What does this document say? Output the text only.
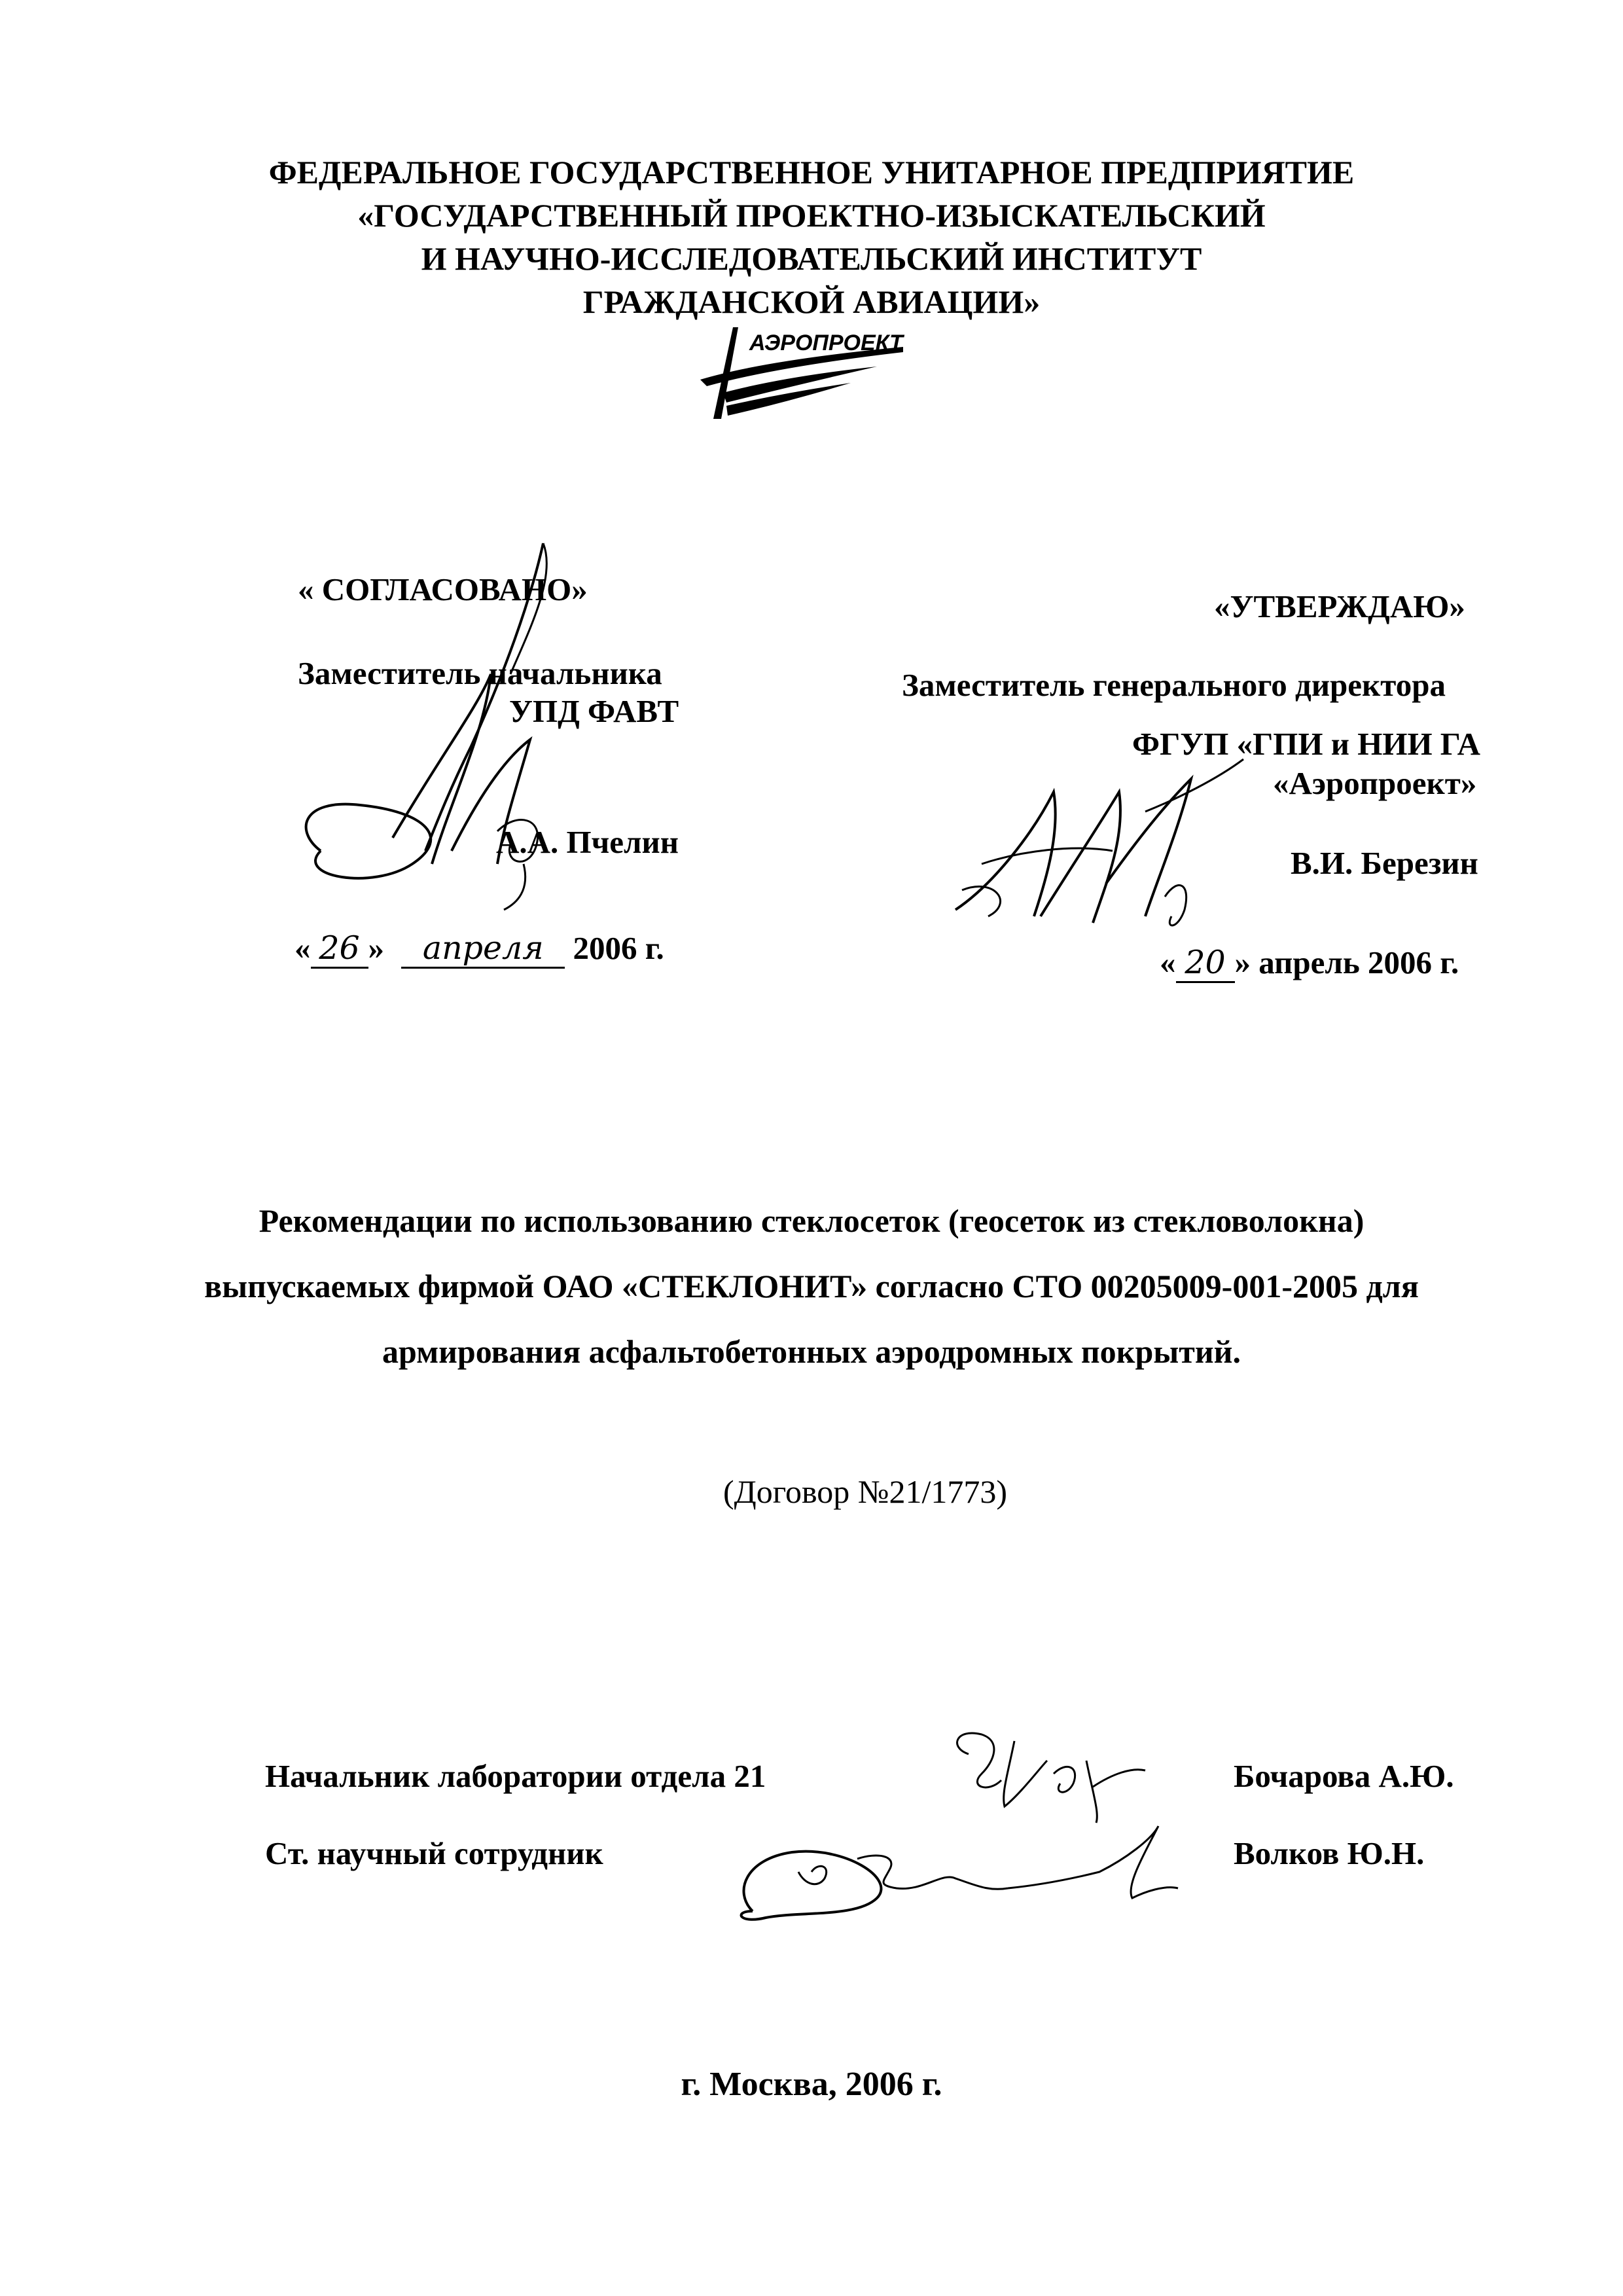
ФЕДЕРАЛЬНОЕ ГОСУДАРСТВЕННОЕ УНИТАРНОЕ ПРЕДПРИЯТИЕ
«ГОСУДАРСТВЕННЫЙ ПРОЕКТНО-ИЗЫСКАТЕЛЬСКИЙ
И НАУЧНО-ИССЛЕДОВАТЕЛЬСКИЙ ИНСТИТУТ
ГРАЖДАНСКОЙ АВИАЦИИ»
АЭРОПРОЕКТ
« СОГЛАСОВАНО»
Заместитель начальника
УПД ФАВТ
А.А. Пчелин
« 26 » апреля 2006 г.
«УТВЕРЖДАЮ»
Заместитель генерального директора
ФГУП «ГПИ и НИИ ГА
«Аэропроект»
В.И. Березин
« 20 » апрель 2006 г.
Рекомендации по использованию стеклосеток (геосеток из стекловолокна)
выпускаемых фирмой ОАО «СТЕКЛОНИТ» согласно СТО 00205009-001-2005 для
армирования асфальтобетонных аэродромных покрытий.
(Договор №21/1773)
Начальник лаборатории отдела 21	Бочарова А.Ю.
Ст. научный сотрудник	Волков Ю.Н.
г. Москва, 2006 г.
